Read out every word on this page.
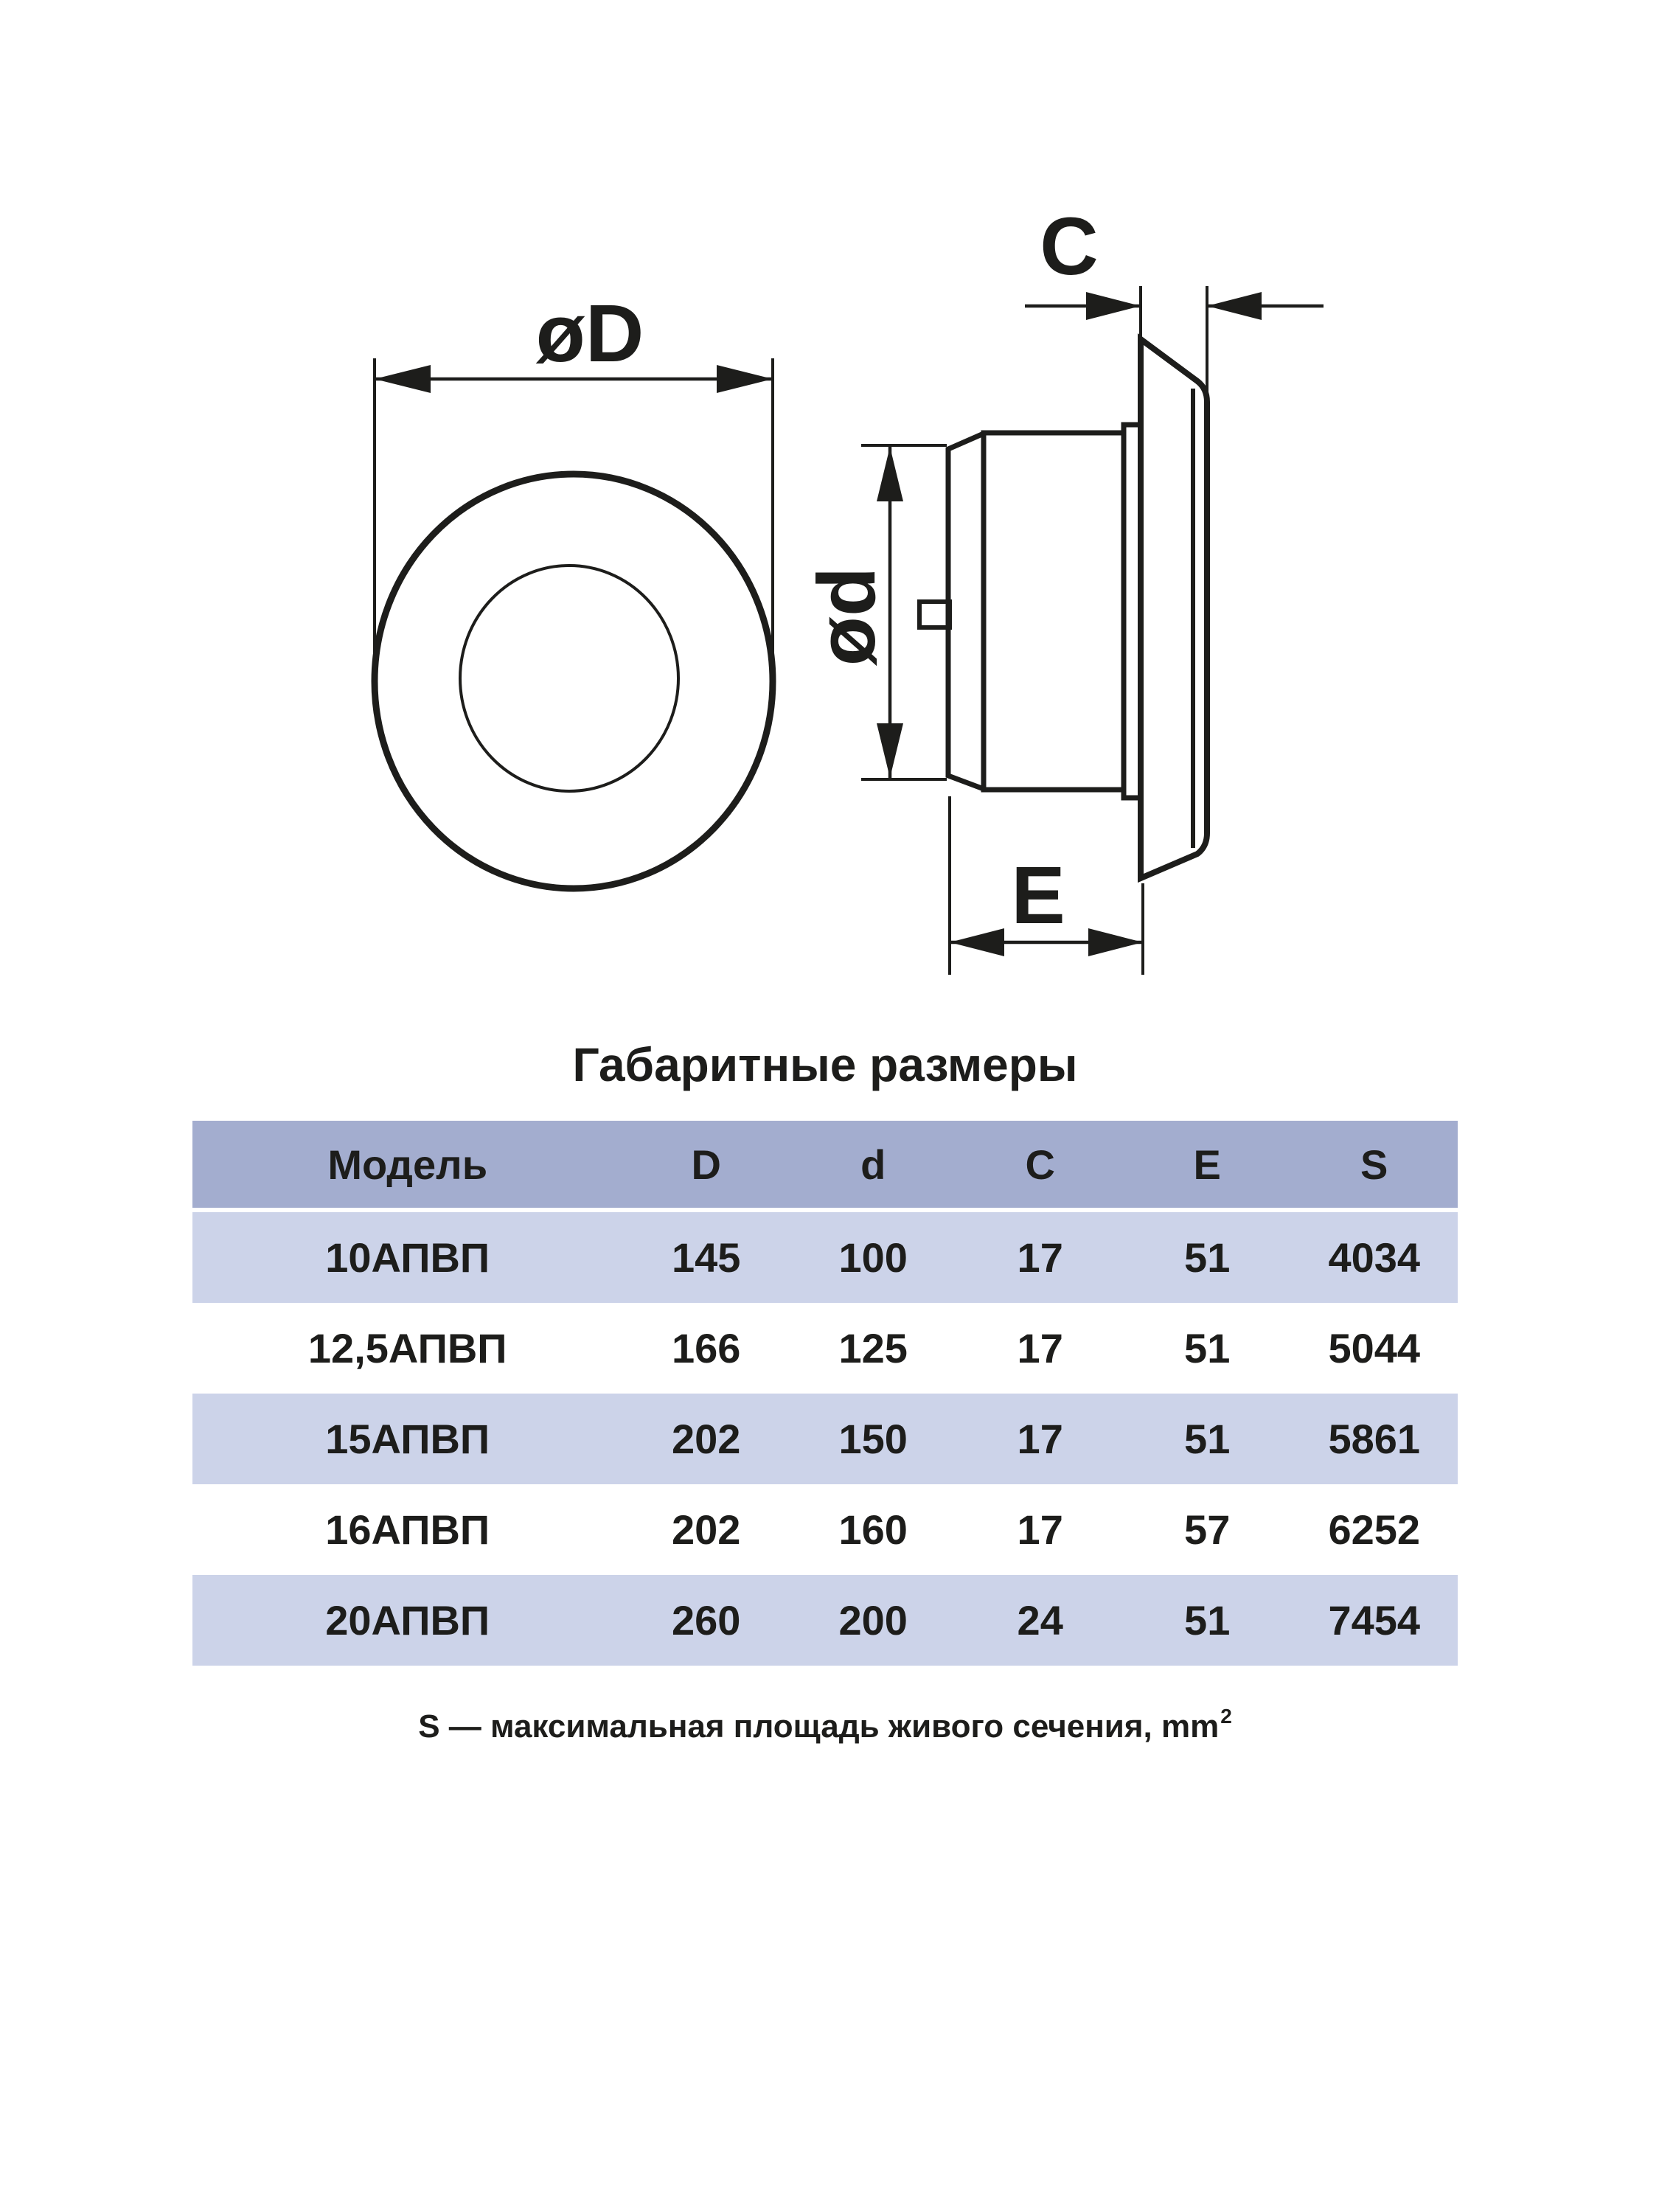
øD
C
ød
E
Габаритные размеры
Модель	D	d	C	E	S
10АПВП	145	100	17	51	4034
12,5АПВП	166	125	17	51	5044
15АПВП	202	150	17	51	5861
16АПВП	202	160	17	57	6252
20АПВП	260	200	24	51	7454
S — максимальная площадь живого сечения, mm 2
